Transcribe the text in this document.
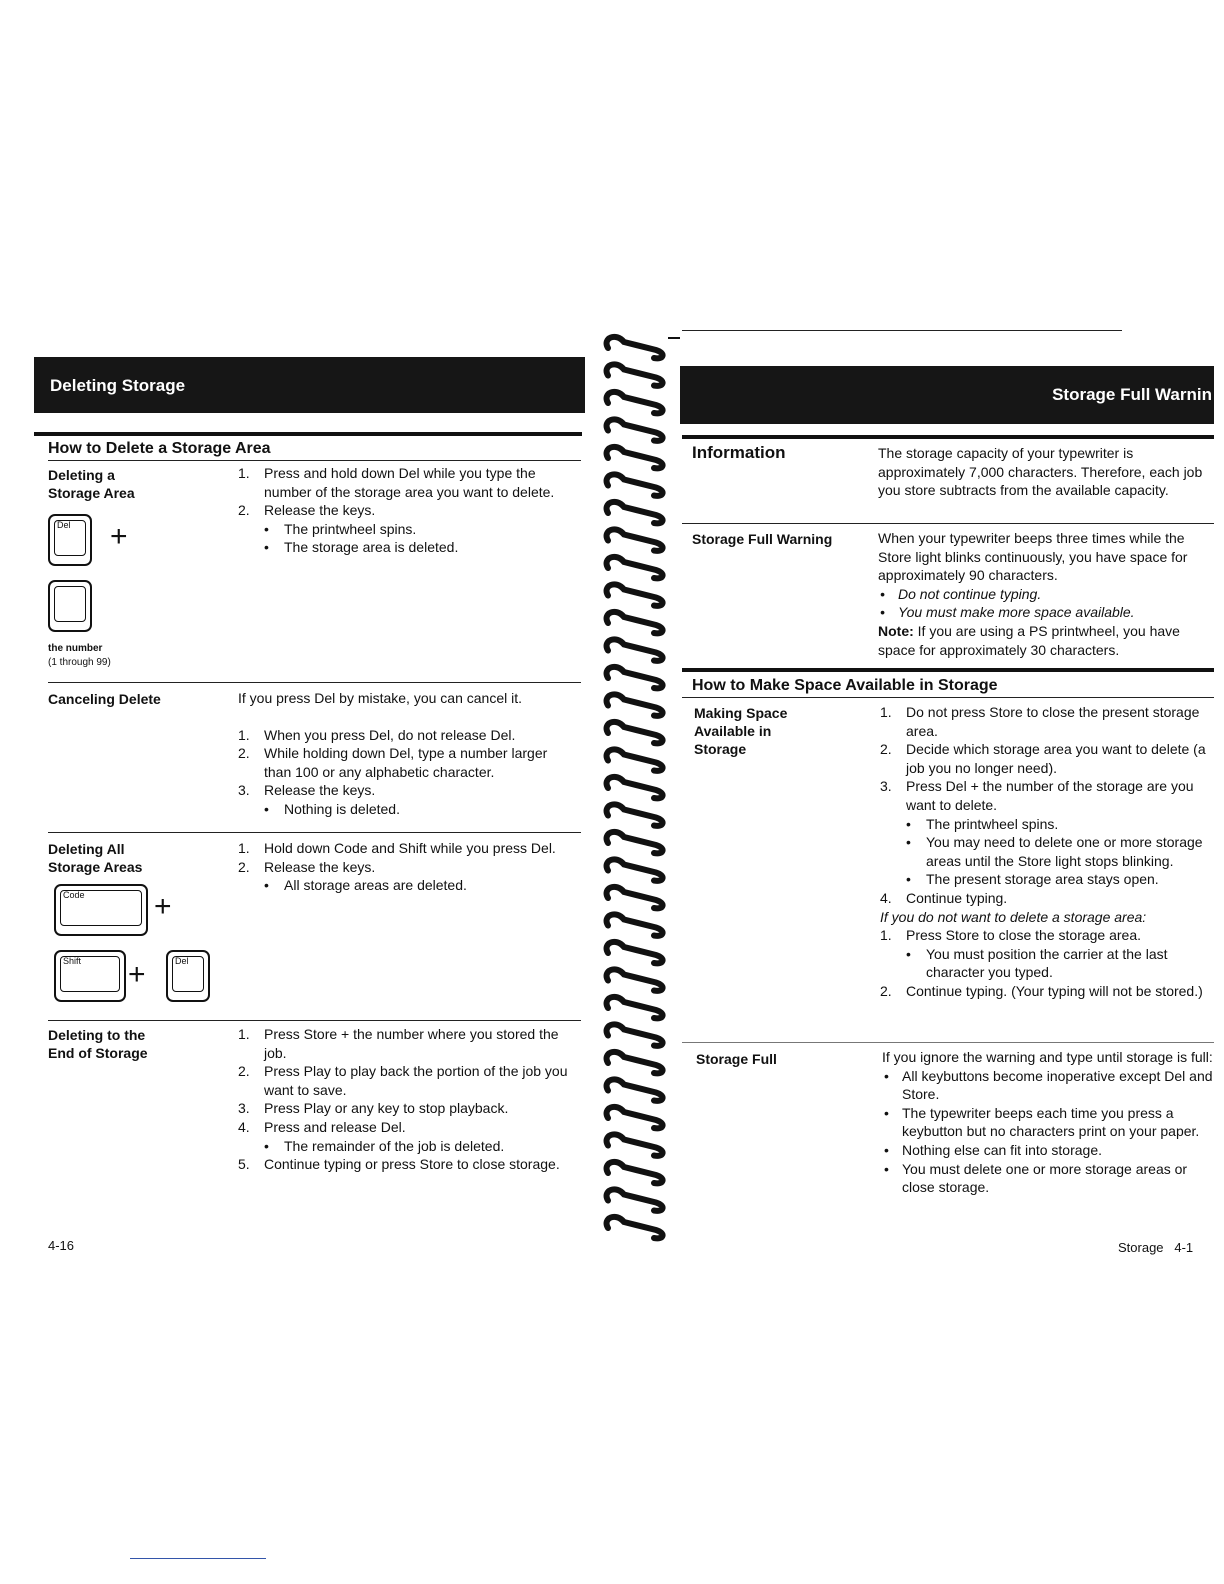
Deleting Storage
How to Delete a Storage Area
Deleting a
Storage Area
Del +
the number
(1 through 99)

1. Press and hold down Del while you type the number of the storage area you want to delete.

2. Release the keys.

• The printwheel spins.

• The storage area is deleted.

Canceling Delete	If you press Del by mistake, you can cancel it.

1. When you press Del, do not release Del.

2. While holding down Del, type a number larger than 100 or any alphabetic character.

3. Release the keys.

• Nothing is deleted.

Deleting All
Storage Areas
Code +
Shift +	Del

1. Hold down Code and Shift while you press Del.

2. Release the keys.

• All storage areas are deleted.

Deleting to the
End of Storage

1. Press Store + the number where you stored the job.

2. Press Play to play back the portion of the job you want to save.

3. Press Play or any key to stop playback.

4. Press and release Del.

• The remainder of the job is deleted.

5. Continue typing or press Store to close storage.

4-16
Storage Full Warnin
Information	The storage capacity of your typewriter is approximately 7,000 characters. Therefore, each job you store subtracts from the available capacity.
Storage Full Warning	When your typewriter beeps three times while the Store light blinks continuously, you have space for approximately 90 characters.

• Do not continue typing.

• You must make more space available.

Note: If you are using a PS printwheel, you have space for approximately 30 characters.

How to Make Space Available in Storage
Making Space
Available in
Storage

1. Do not press Store to close the present storage area.

2. Decide which storage area you want to delete (a job you no longer need).

3. Press Del + the number of the storage are you want to delete.

• The printwheel spins.

• You may need to delete one or more storage areas until the Store light stops blinking.

• The present storage area stays open.

4. Continue typing.

If you do not want to delete a storage area:

1. Press Store to close the storage area.

• You must position the carrier at the last character you typed.

2. Continue typing. (Your typing will not be stored.)

Storage Full	If you ignore the warning and type until storage is full:

• All keybuttons become inoperative except Del and Store.

• The typewriter beeps each time you press a keybutton but no characters print on your paper.

• Nothing else can fit into storage.

• You must delete one or more storage areas or close storage.

Storage   4-1
